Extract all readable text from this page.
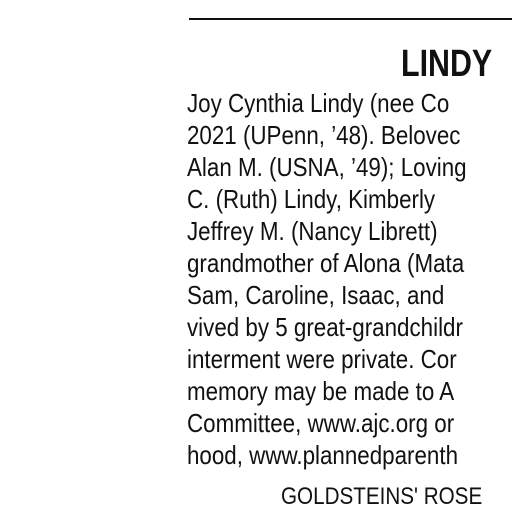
LINDY
Joy Cynthia Lindy (nee Co
2021 (UPenn, ’48). Belovec
Alan M. (USNA, ’49); Loving
C. (Ruth) Lindy, Kimberly
Jeffrey M. (Nancy Librett)
grandmother of Alona (Mata
Sam, Caroline, Isaac, and
vived by 5 great-grandchildr
interment were private. Cor
memory may be made to A
Committee, www.ajc.org or
hood, www.plannedparenth
GOLDSTEINS' ROSE
